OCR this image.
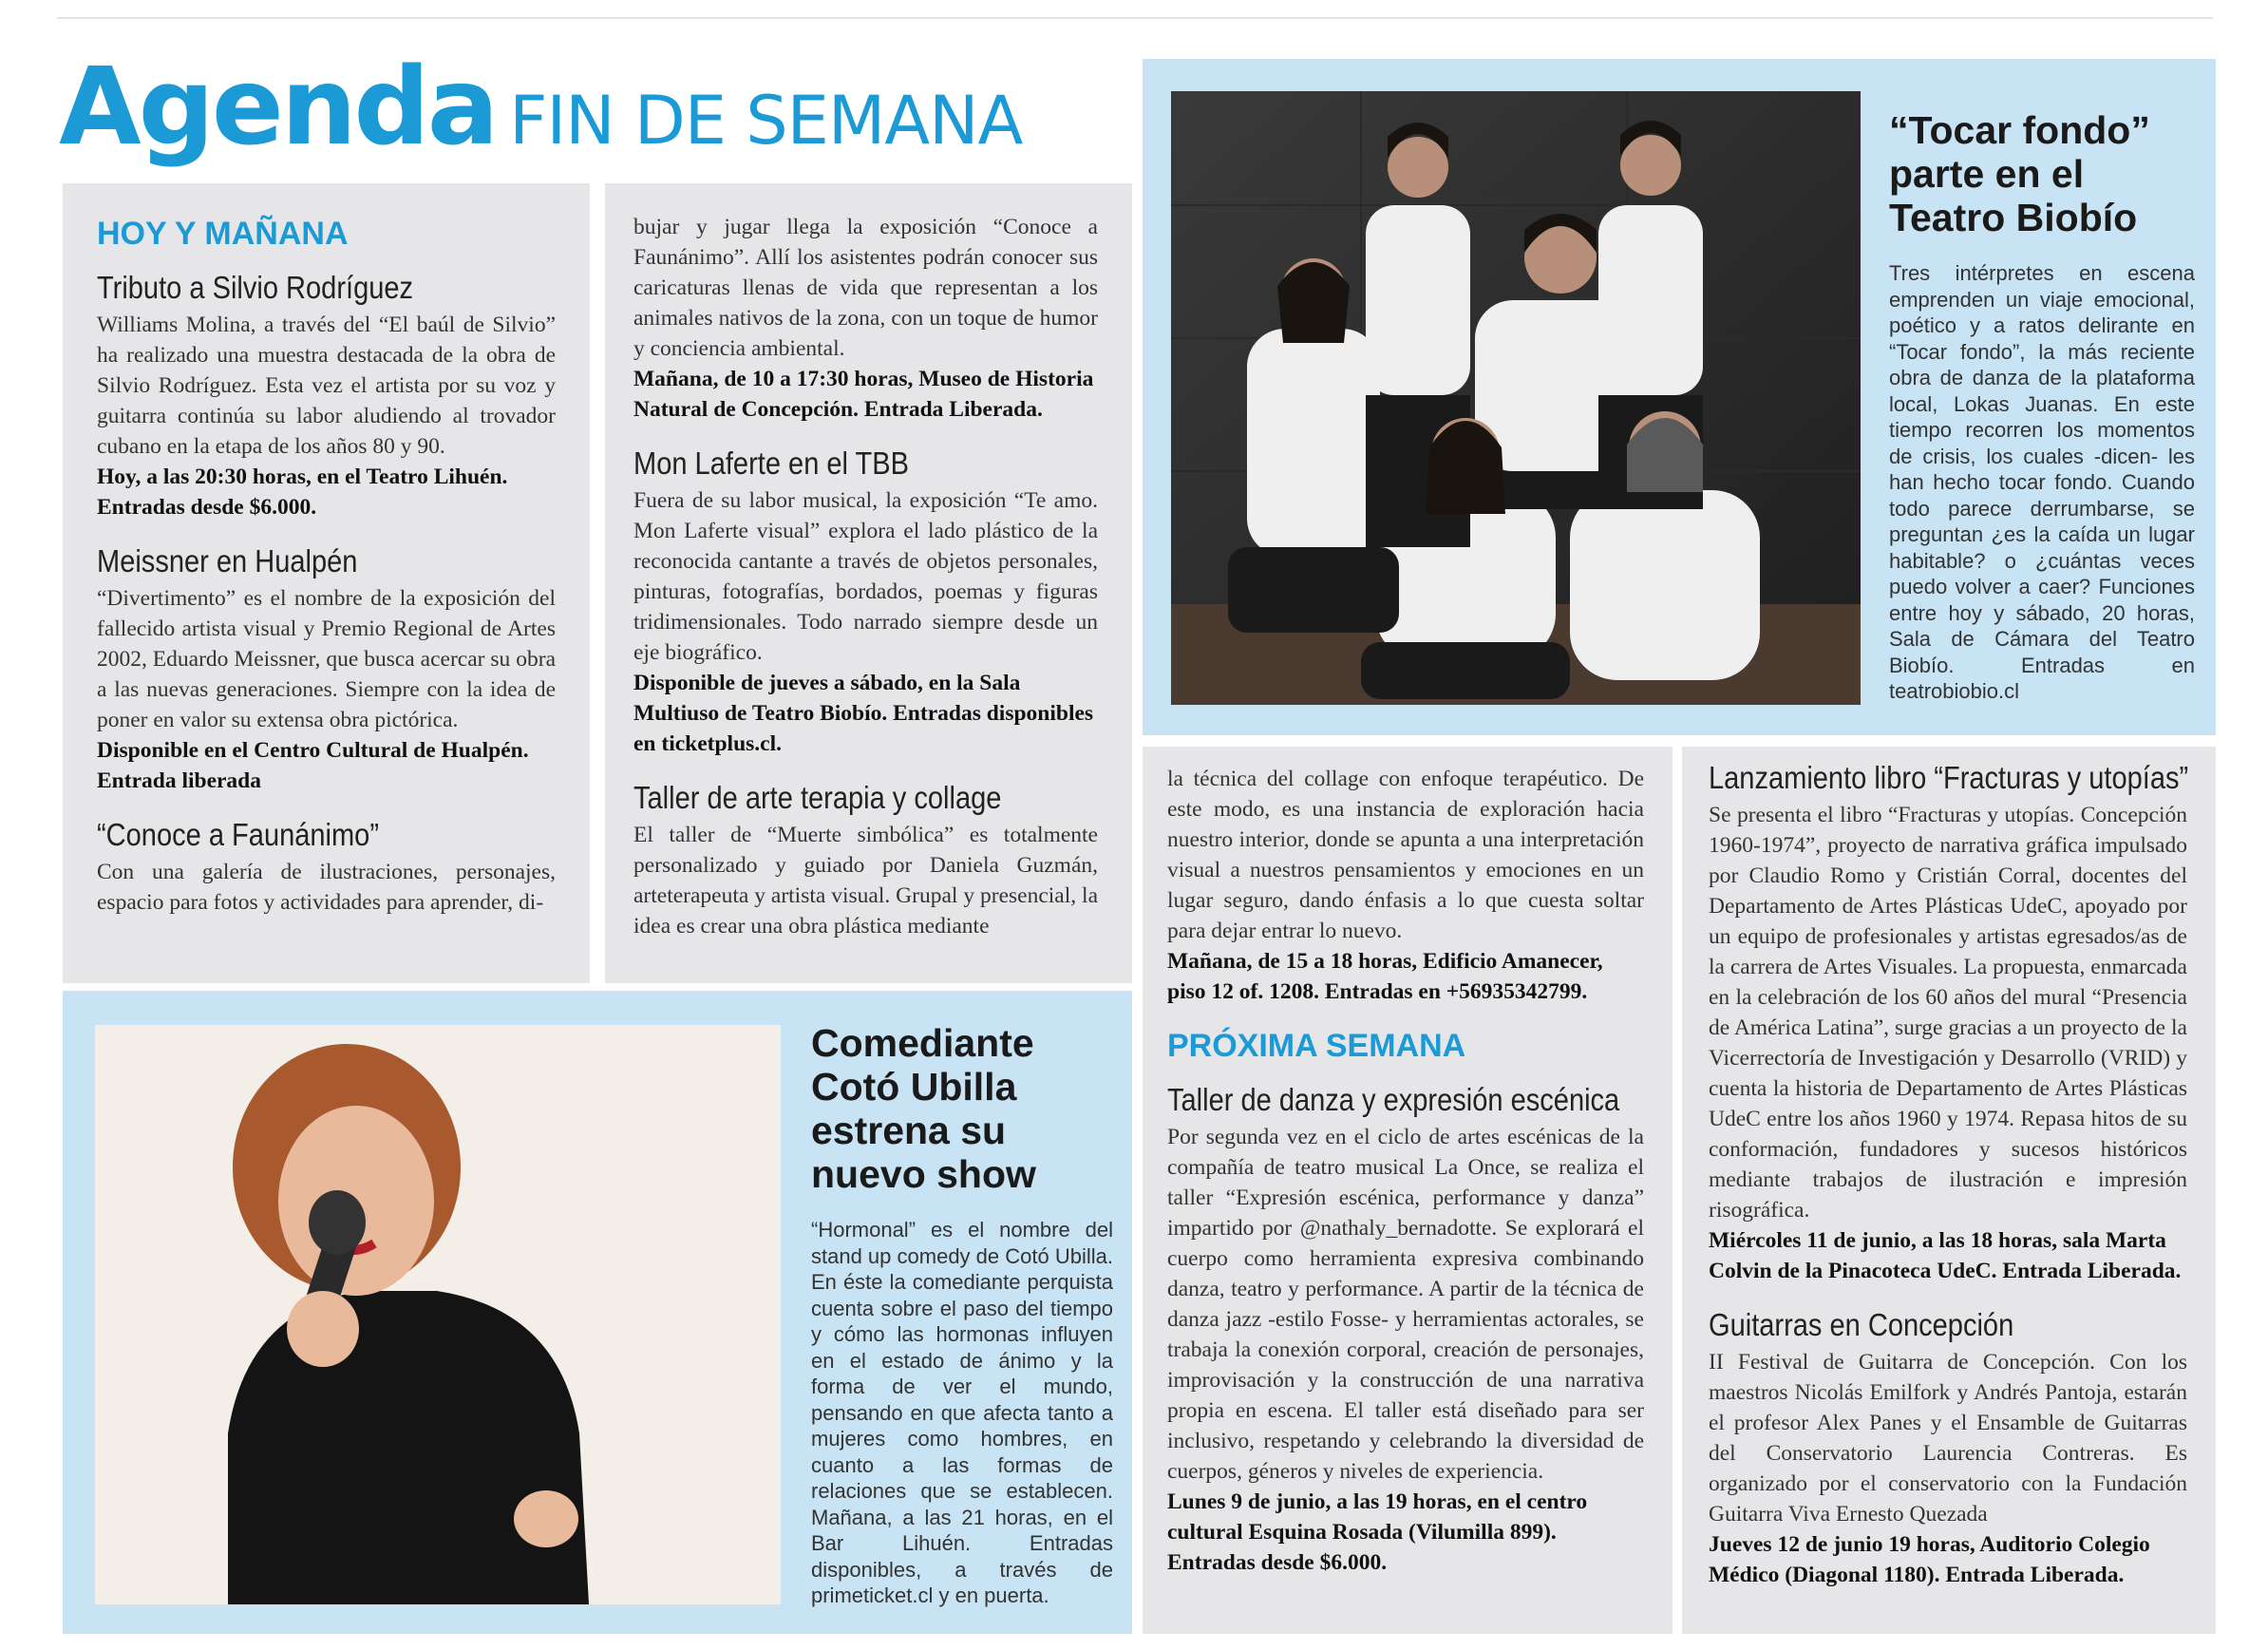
Agenda FIN DE SEMANA
HOY Y MAÑANA
Tributo a Silvio Rodríguez

Williams Molina, a través del “El baúl de Silvio” ha realizado una muestra destacada de la obra de Silvio Rodríguez. Esta vez el artista por su voz y guitarra continúa su labor aludiendo al trovador cubano en la etapa de los años 80 y 90.

Hoy, a las 20:30 horas, en el Teatro Lihuén. Entradas desde $6.000.

Meissner en Hualpén

“Divertimento” es el nombre de la exposición del fallecido artista visual y Premio Regional de Artes 2002, Eduardo Meissner, que busca acercar su obra a las nuevas generaciones. Siempre con la idea de poner en valor su extensa obra pictórica.

Disponible en el Centro Cultural de Hualpén. Entrada liberada

“Conoce a Faunánimo”

Con una galería de ilustraciones, personajes, espacio para fotos y actividades para aprender, di-

bujar y jugar llega la exposición “Conoce a Faunánimo”. Allí los asistentes podrán conocer sus caricaturas llenas de vida que representan a los animales nativos de la zona, con un toque de humor y conciencia ambiental.

Mañana, de 10 a 17:30 horas, Museo de Historia Natural de Concepción. Entrada Liberada.

Mon Laferte en el TBB

Fuera de su labor musical, la exposición “Te amo. Mon Laferte visual” explora el lado plástico de la reconocida cantante a través de objetos personales, pinturas, fotografías, bordados, poemas y figuras tridimensionales. Todo narrado siempre desde un eje biográfico.

Disponible de jueves a sábado, en la Sala Multiuso de Teatro Biobío. Entradas disponibles en ticketplus.cl.

Taller de arte terapia y collage

El taller de “Muerte simbólica” es totalmente personalizado y guiado por Daniela Guzmán, arteterapeuta y artista visual. Grupal y presencial, la idea es crear una obra plástica mediante

“Tocar fondo” parte en el Teatro Biobío

Tres intérpretes en escena emprenden un viaje emocional, poético y a ratos delirante en “Tocar fondo”, la más reciente obra de danza de la plataforma local, Lokas Juanas. En este tiempo recorren los momentos de crisis, los cuales -dicen- les han hecho tocar fondo. Cuando todo parece derrumbarse, se preguntan ¿es la caída un lugar habitable? o ¿cuántas veces puedo volver a caer? Funciones entre hoy y sábado, 20 horas, Sala de Cámara del Teatro Biobío. Entradas en teatrobiobio.cl

Comediante Cotó Ubilla estrena su nuevo show

“Hormonal” es el nombre del stand up comedy de Cotó Ubilla. En éste la comediante perquista cuenta sobre el paso del tiempo y cómo las hormonas influyen en el estado de ánimo y la forma de ver el mundo, pensando en que afecta tanto a mujeres como hombres, en cuanto a las formas de relaciones que se establecen. Mañana, a las 21 horas, en el Bar Lihuén. Entradas disponibles, a través de primeticket.cl y en puerta.

la técnica del collage con enfoque terapéutico. De este modo, es una instancia de exploración hacia nuestro interior, donde se apunta a una interpretación visual a nuestros pensamientos y emociones en un lugar seguro, dando énfasis a lo que cuesta soltar para dejar entrar lo nuevo.

Mañana, de 15 a 18 horas, Edificio Amanecer, piso 12 of. 1208. Entradas en +56935342799.

PRÓXIMA SEMANA
Taller de danza y expresión escénica

Por segunda vez en el ciclo de artes escénicas de la compañía de teatro musical La Once, se realiza el taller “Expresión escénica, performance y danza” impartido por @nathaly_bernadotte. Se explorará el cuerpo como herramienta expresiva combinando danza, teatro y performance. A partir de la técnica de danza jazz -estilo Fosse- y herramientas actorales, se trabaja la conexión corporal, creación de personajes, improvisación y la construcción de una narrativa propia en escena. El taller está diseñado para ser inclusivo, respetando y celebrando la diversidad de cuerpos, géneros y niveles de experiencia.

Lunes 9 de junio, a las 19 horas, en el centro cultural Esquina Rosada (Vilumilla 899). Entradas desde $6.000.

Lanzamiento libro “Fracturas y utopías”

Se presenta el libro “Fracturas y utopías. Concepción 1960-1974”, proyecto de narrativa gráfica impulsado por Claudio Romo y Cristián Corral, docentes del Departamento de Artes Plásticas UdeC, apoyado por un equipo de profesionales y artistas egresados/as de la carrera de Artes Visuales. La propuesta, enmarcada en la celebración de los 60 años del mural “Presencia de América Latina”, surge gracias a un proyecto de la Vicerrectoría de Investigación y Desarrollo (VRID) y cuenta la historia de Departamento de Artes Plásticas UdeC entre los años 1960 y 1974. Repasa hitos de su conformación, fundadores y sucesos históricos mediante trabajos de ilustración e impresión risográfica.

Miércoles 11 de junio, a las 18 horas, sala Marta Colvin de la Pinacoteca UdeC. Entrada Liberada.

Guitarras en Concepción

II Festival de Guitarra de Concepción. Con los maestros Nicolás Emilfork y Andrés Pantoja, estarán el profesor Alex Panes y el Ensamble de Guitarras del Conservatorio Laurencia Contreras. Es organizado por el conservatorio con la Fundación Guitarra Viva Ernesto Quezada

Jueves 12 de junio 19 horas, Auditorio Colegio Médico (Diagonal 1180). Entrada Liberada.
